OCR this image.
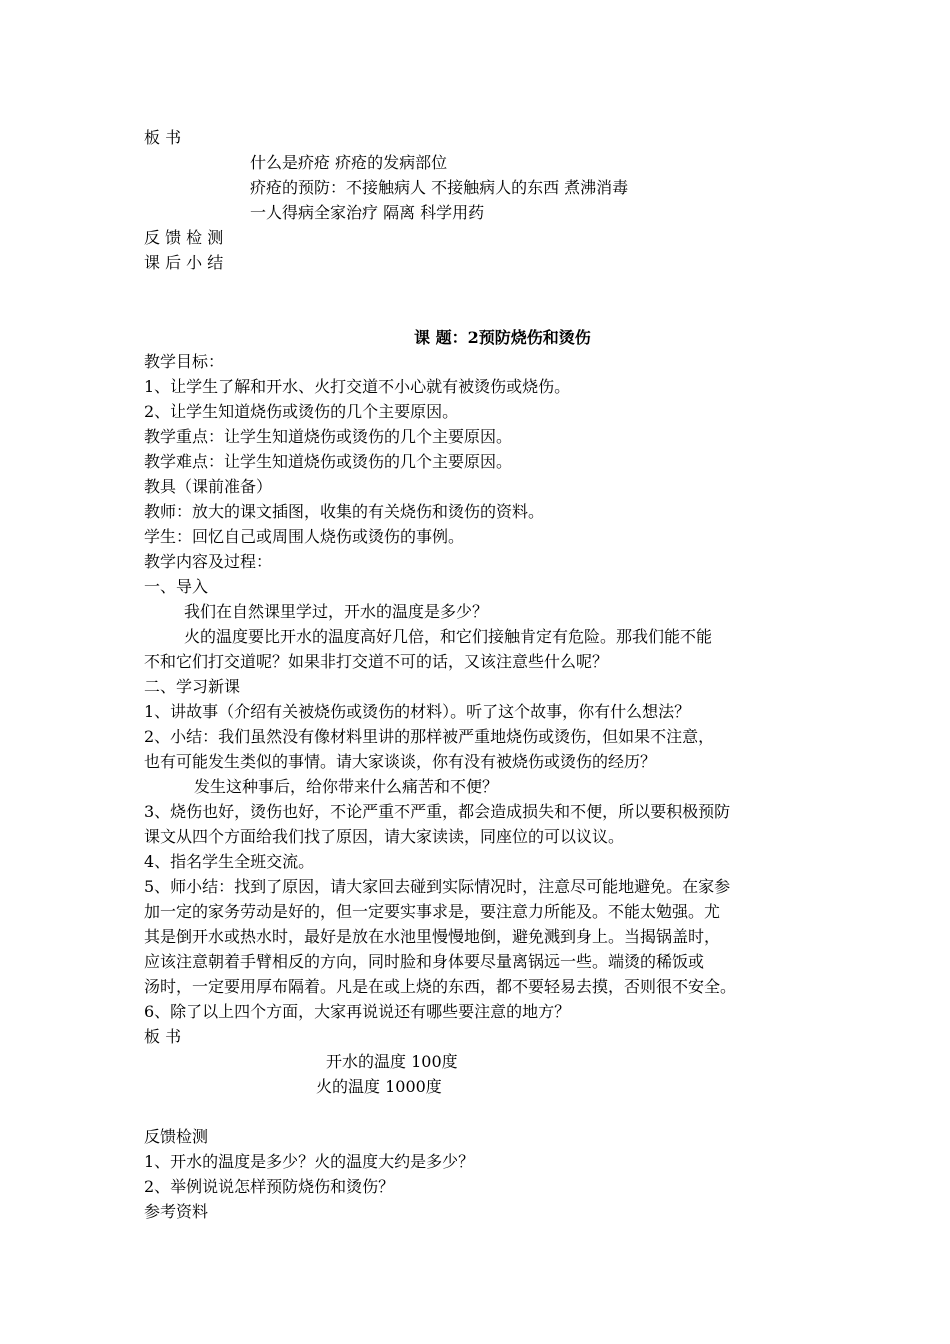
板 书
什么是疥疮 疥疮的发病部位
疥疮的预防：不接触病人 不接触病人的东西 煮沸消毒
一人得病全家治疗 隔离 科学用药
反 馈 检 测
课 后 小 结
课 题：2预防烧伤和烫伤
教学目标：
1、让学生了解和开水、火打交道不小心就有被烫伤或烧伤。
2、让学生知道烧伤或烫伤的几个主要原因。
教学重点：让学生知道烧伤或烫伤的几个主要原因。
教学难点：让学生知道烧伤或烫伤的几个主要原因。
教具（课前准备）
教师：放大的课文插图，收集的有关烧伤和烫伤的资料。
学生：回忆自己或周围人烧伤或烫伤的事例。
教学内容及过程：
一、导入
我们在自然课里学过，开水的温度是多少？
火的温度要比开水的温度高好几倍，和它们接触肯定有危险。那我们能不能
不和它们打交道呢？如果非打交道不可的话，又该注意些什么呢？
二、学习新课
1、讲故事（介绍有关被烧伤或烫伤的材料）。听了这个故事，你有什么想法？
2、小结：我们虽然没有像材料里讲的那样被严重地烧伤或烫伤，但如果不注意，
也有可能发生类似的事情。请大家谈谈，你有没有被烧伤或烫伤的经历？
发生这种事后，给你带来什么痛苦和不便？
3、烧伤也好，烫伤也好，不论严重不严重，都会造成损失和不便，所以要积极预防
课文从四个方面给我们找了原因，请大家读读，同座位的可以议议。
4、指名学生全班交流。
5、师小结：找到了原因，请大家回去碰到实际情况时，注意尽可能地避免。在家参
加一定的家务劳动是好的，但一定要实事求是，要注意力所能及。不能太勉强。尤
其是倒开水或热水时，最好是放在水池里慢慢地倒，避免溅到身上。当揭锅盖时，
应该注意朝着手臂相反的方向，同时脸和身体要尽量离锅远一些。端烫的稀饭或
汤时，一定要用厚布隔着。凡是在或上烧的东西，都不要轻易去摸，否则很不安全。
6、除了以上四个方面，大家再说说还有哪些要注意的地方？
板 书
开水的温度 100度
火的温度 1000度
反馈检测
1、开水的温度是多少？火的温度大约是多少？
2、举例说说怎样预防烧伤和烫伤？
参考资料
